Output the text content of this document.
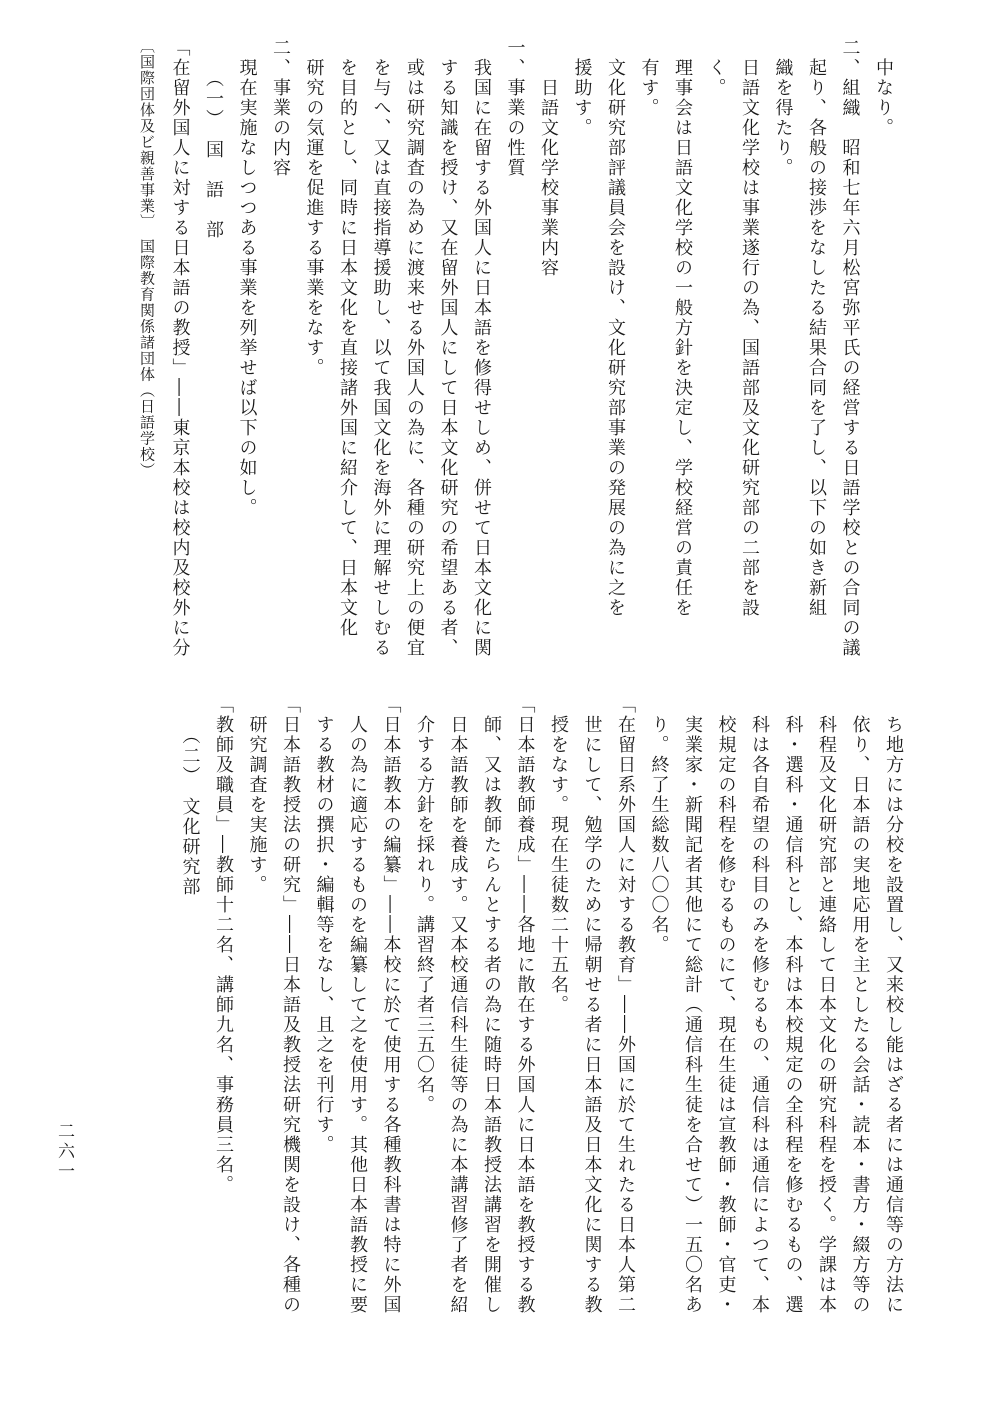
　中なり。
二、組織　昭和七年六月松宮弥平氏の経営する日語学校との合同の議
　起り、各般の接渉をなしたる結果合同を了し、以下の如き新組
　織を得たり。
　日語文化学校は事業遂行の為、国語部及文化研究部の二部を設
　く。
　理事会は日語文化学校の一般方針を決定し、学校経営の責任を
　有す。
　文化研究部評議員会を設け、文化研究部事業の発展の為に之を
　援助す。
　　日語文化学校事業内容
一、事業の性質
　我国に在留する外国人に日本語を修得せしめ、併せて日本文化に関
　する知識を授け、又在留外国人にして日本文化研究の希望ある者、
　或は研究調査の為めに渡来せる外国人の為に、各種の研究上の便宜
　を与へ、又は直接指導援助し、以て我国文化を海外に理解せしむる
　を目的とし、同時に日本文化を直接諸外国に紹介して、日本文化
　研究の気運を促進する事業をなす。
二、事業の内容
　現在実施なしつつある事業を列挙せば以下の如し。
　　（一）　国　語　部
「在留外国人に対する日本語の教授」――東京本校は校内及校外に分
〔国際団体及ビ親善事業〕　国際教育関係諸団体（日語学校）
　ち地方には分校を設置し、又来校し能はざる者には通信等の方法に
　依り、日本語の実地応用を主としたる会話・読本・書方・綴方等の
　科程及文化研究部と連絡して日本文化の研究科程を授く。学課は本
　科・選科・通信科とし、本科は本校規定の全科程を修むるもの、選
　科は各自希望の科目のみを修むるもの、通信科は通信によつて、本
　校規定の科程を修むるものにて、現在生徒は宣教師・教師・官吏・
　実業家・新聞記者其他にて総計（通信科生徒を合せて）一五〇名あ
　り。終了生総数八〇〇名。
「在留日系外国人に対する教育」――外国に於て生れたる日本人第二
　世にして、勉学のために帰朝せる者に日本語及日本文化に関する教
　授をなす。現在生徒数二十五名。
「日本語教師養成」――各地に散在する外国人に日本語を教授する教
　師、又は教師たらんとする者の為に随時日本語教授法講習を開催し
　日本語教師を養成す。又本校通信科生徒等の為に本講習修了者を紹
　介する方針を採れり。講習終了者三五〇名。
「日本語教本の編纂」――本校に於て使用する各種教科書は特に外国
　人の為に適応するものを編纂して之を使用す。其他日本語教授に要
　する教材の撰択・編輯等をなし、且之を刊行す。
「日本語教授法の研究」――日本語及教授法研究機関を設け、各種の
　研究調査を実施す。
「教師及職員」―教師十二名、講師九名、事務員三名。
　　（二）　文化研究部
二六一
